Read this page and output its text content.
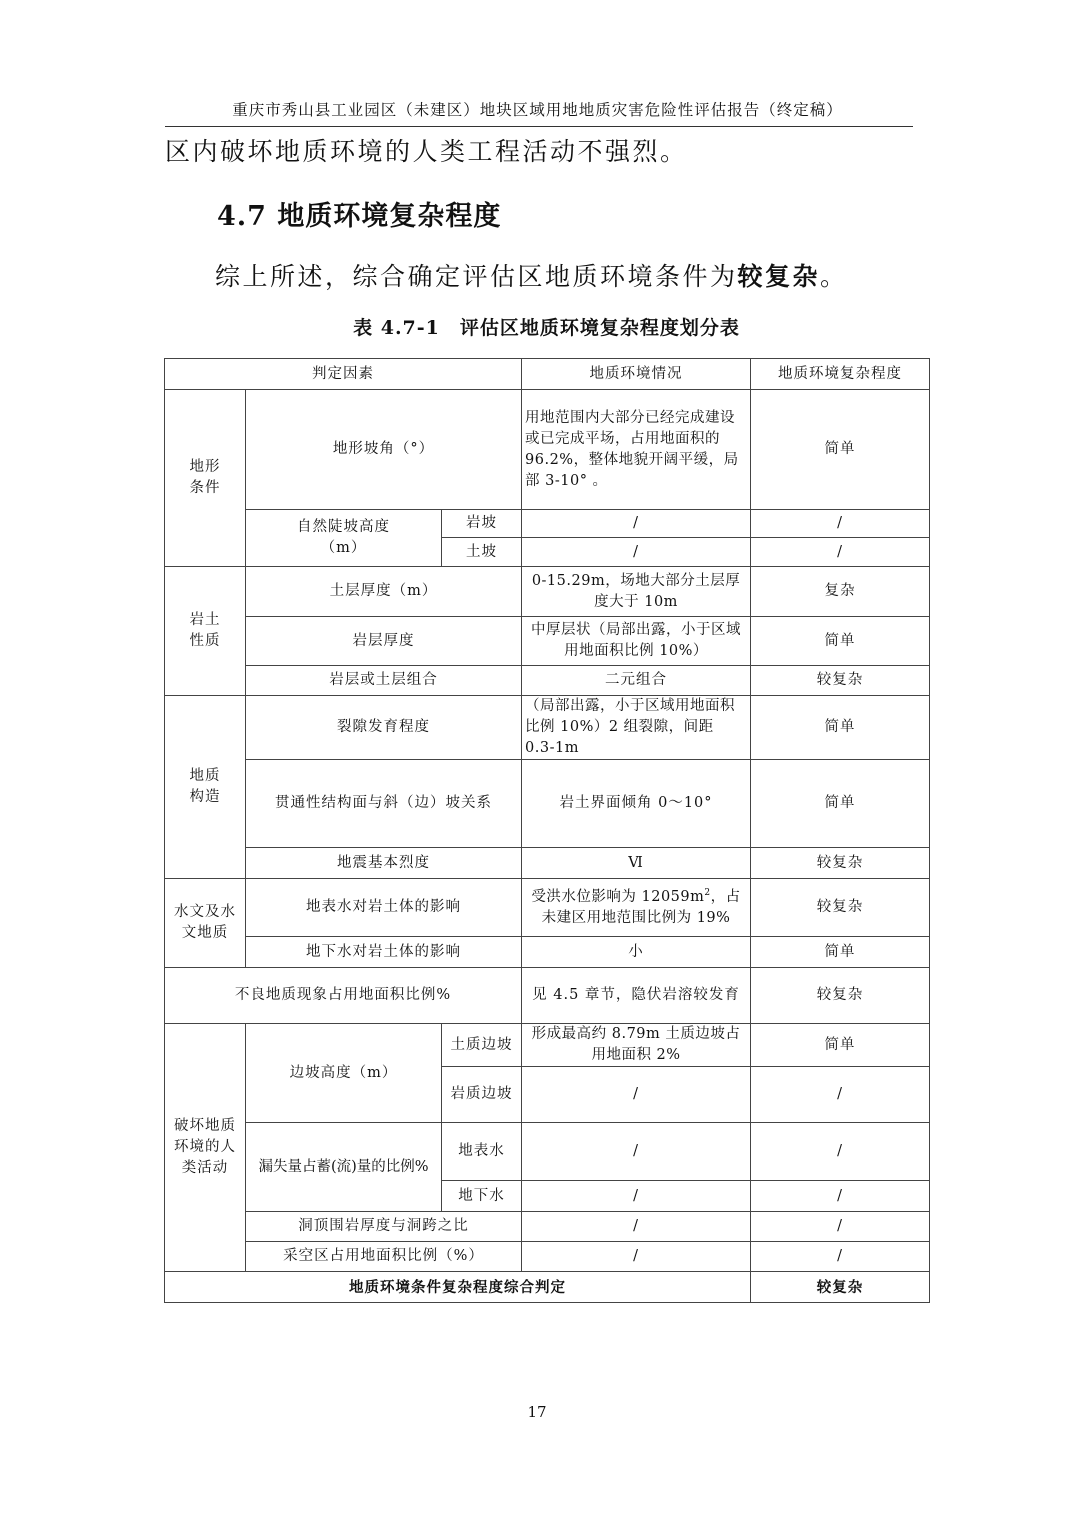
重庆市秀山县工业园区（未建区）地块区域用地地质灾害危险性评估报告（终定稿）
区内破坏地质环境的人类工程活动不强烈。
4.7 地质环境复杂程度
综上所述，综合确定评估区地质环境条件为较复杂。
表 4.7-1　评估区地质环境复杂程度划分表
判定因素			地质环境情况	地质环境复杂程度
地形条件	地形坡角（°）		用地范围内大部分已经完成建设或已完成平场，占用地面积的 96.2%，整体地貌开阔平缓，局部 3-10° 。	简单
	自然陡坡高度（m）	岩坡	/	/
		土坡	/	/
岩土性质	土层厚度（m）		0-15.29m，场地大部分土层厚度大于 10m	复杂
	岩层厚度		中厚层状（局部出露，小于区域用地面积比例 10%）	简单
	岩层或土层组合		二元组合	较复杂
地质构造	裂隙发育程度		（局部出露，小于区域用地面积比例 10%）2 组裂隙，间距 0.3-1m	简单
	贯通性结构面与斜（边）坡关系		岩土界面倾角 0～10°	简单
	地震基本烈度		Ⅵ	较复杂
水文及水文地质	地表水对岩土体的影响		受洪水位影响为 $12059m^2$，占未建区用地范围比例为 19%	较复杂
	地下水对岩土体的影响		小	简单
不良地质现象占用地面积比例%			见 4.5 章节，隐伏岩溶较发育	较复杂
破坏地质环境的人类活动	边坡高度（m）	土质边坡	形成最高约 8.79m 土质边坡占用地面积 2%	简单
		岩质边坡	/	/
	漏失量占蓄(流)量的比例%	地表水	/	/
		地下水	/	/
	洞顶围岩厚度与洞跨之比		/	/
	采空区占用地面积比例（%）		/	/
地质环境条件复杂程度综合判定				较复杂
17
